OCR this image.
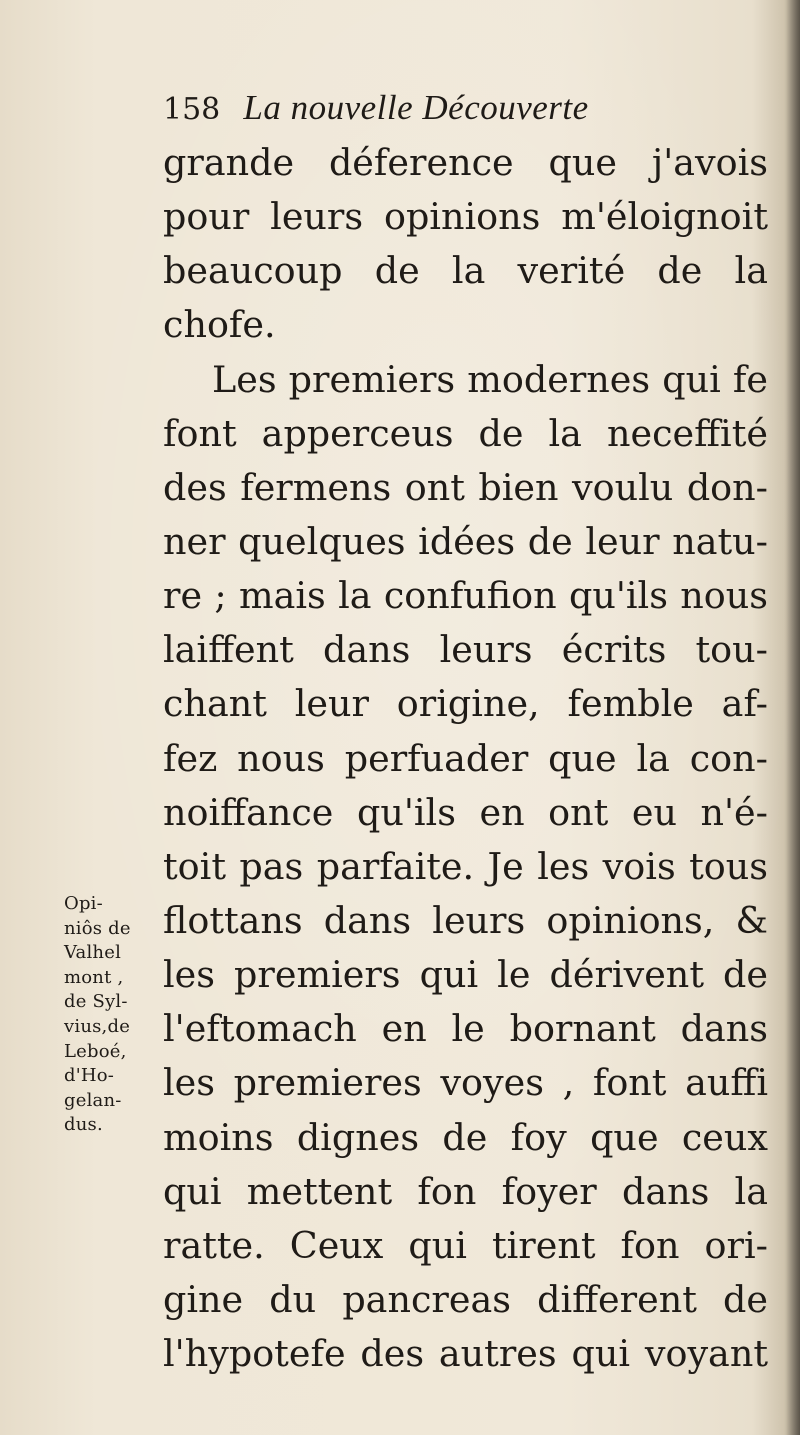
158 La nouvelle Découverte
grande déference que j'avois
pour leurs opinions m'éloignoit
beaucoup de la verité de la
chofe.
Les premiers modernes qui fe
font apperceus de la neceffité
des fermens ont bien voulu don-
ner quelques idées de leur natu-
re ; mais la confufion qu'ils nous
laiffent dans leurs écrits tou-
chant leur origine, femble af-
fez nous perfuader que la con-
noiffance qu'ils en ont eu n'é-
toit pas parfaite. Je les vois tous
flottans dans leurs opinions, &
les premiers qui le dérivent de
l'eftomach en le bornant dans
les premieres voyes , font auffi
moins dignes de foy que ceux
qui mettent fon foyer dans la
ratte. Ceux qui tirent fon ori-
gine du pancreas different de
l'hypotefe des autres qui voyant
Opi-
niôs de
Valhel
mont ,
de Syl-
vius,de
Leboé,
d'Ho-
gelan-
dus.
